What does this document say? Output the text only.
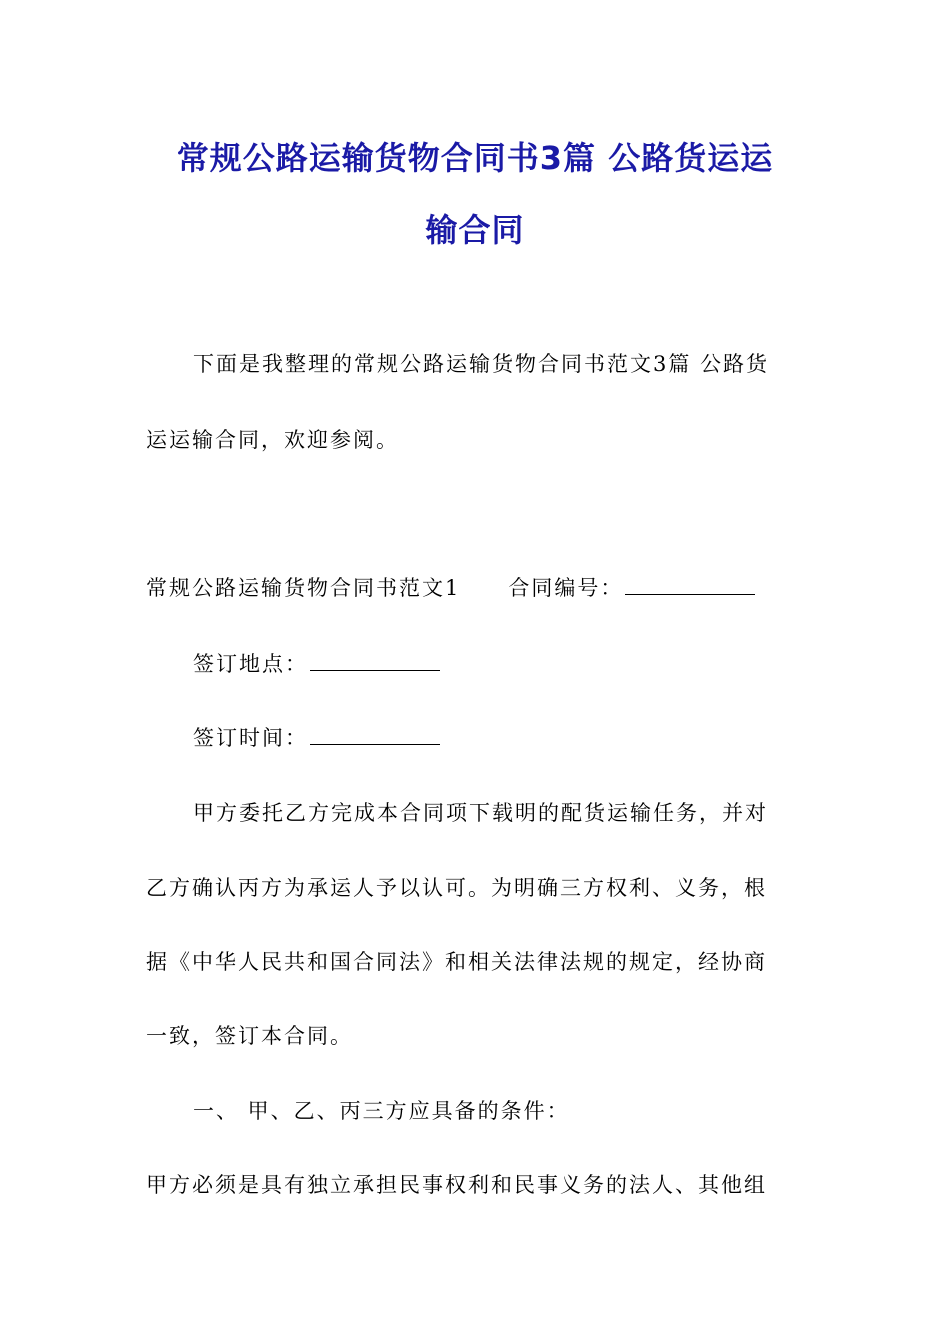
常规公路运输货物合同书3篇 公路货运运
输合同
下面是我整理的常规公路运输货物合同书范文3篇 公路货
运运输合同，欢迎参阅。
常规公路运输货物合同书范文1 合同编号：
签订地点：
签订时间：
甲方委托乙方完成本合同项下载明的配货运输任务，并对
乙方确认丙方为承运人予以认可。为明确三方权利、义务，根
据《中华人民共和国合同法》和相关法律法规的规定，经协商
一致，签订本合同。
一、 甲、乙、丙三方应具备的条件：
甲方必须是具有独立承担民事权利和民事义务的法人、其他组
